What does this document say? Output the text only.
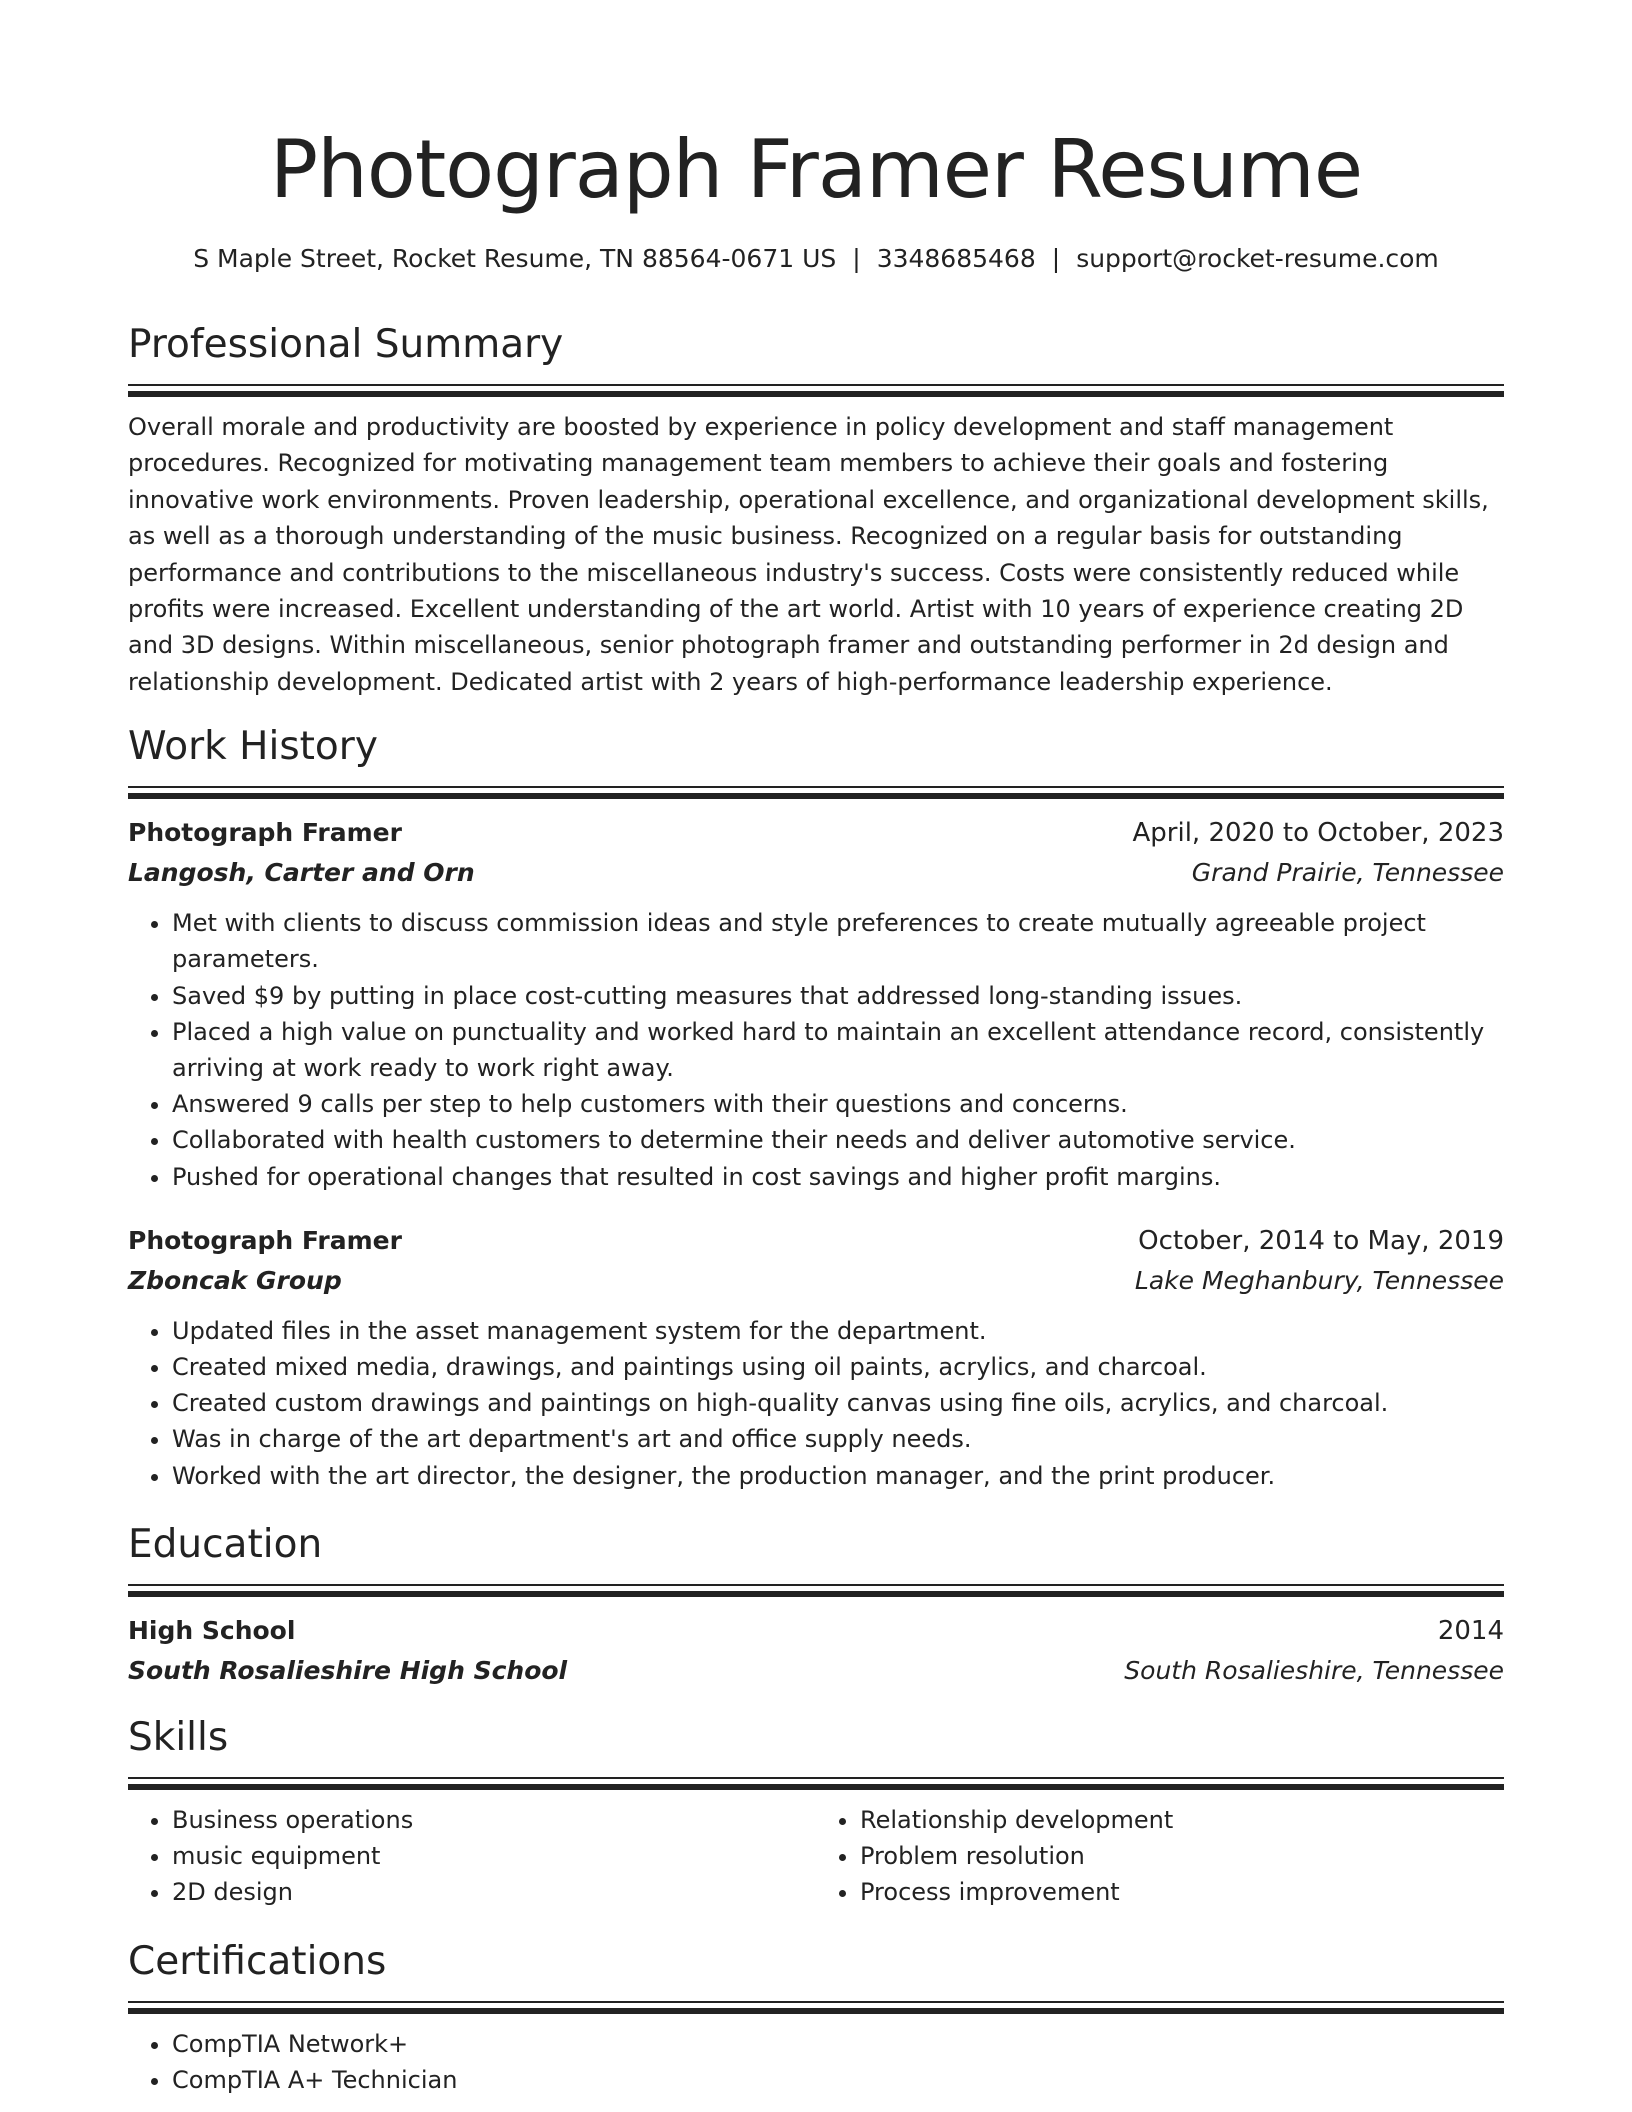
Photograph Framer Resume
S Maple Street, Rocket Resume, TN 88564-0671 US | 3348685468 | support@rocket-resume.com
Professional Summary
Overall morale and productivity are boosted by experience in policy development and staff management procedures. Recognized for motivating management team members to achieve their goals and fostering innovative work environments. Proven leadership, operational excellence, and organizational development skills, as well as a thorough understanding of the music business. Recognized on a regular basis for outstanding performance and contributions to the miscellaneous industry's success. Costs were consistently reduced while profits were increased. Excellent understanding of the art world. Artist with 10 years of experience creating 2D and 3D designs. Within miscellaneous, senior photograph framer and outstanding performer in 2d design and relationship development. Dedicated artist with 2 years of high-performance leadership experience.
Work History
Photograph Framer	April, 2020 to October, 2023
Langosh, Carter and Orn	Grand Prairie, Tennessee
• Met with clients to discuss commission ideas and style preferences to create mutually agreeable project parameters.
• Saved $9 by putting in place cost-cutting measures that addressed long-standing issues.
• Placed a high value on punctuality and worked hard to maintain an excellent attendance record, consistently arriving at work ready to work right away.
• Answered 9 calls per step to help customers with their questions and concerns.
• Collaborated with health customers to determine their needs and deliver automotive service.
• Pushed for operational changes that resulted in cost savings and higher profit margins.
Photograph Framer	October, 2014 to May, 2019
Zboncak Group	Lake Meghanbury, Tennessee
• Updated files in the asset management system for the department.
• Created mixed media, drawings, and paintings using oil paints, acrylics, and charcoal.
• Created custom drawings and paintings on high-quality canvas using fine oils, acrylics, and charcoal.
• Was in charge of the art department's art and office supply needs.
• Worked with the art director, the designer, the production manager, and the print producer.
Education
High School	2014
South Rosalieshire High School	South Rosalieshire, Tennessee
Skills
• Business operations
• music equipment
• 2D design
• Relationship development
• Problem resolution
• Process improvement
Certifications
• CompTIA Network+
• CompTIA A+ Technician
